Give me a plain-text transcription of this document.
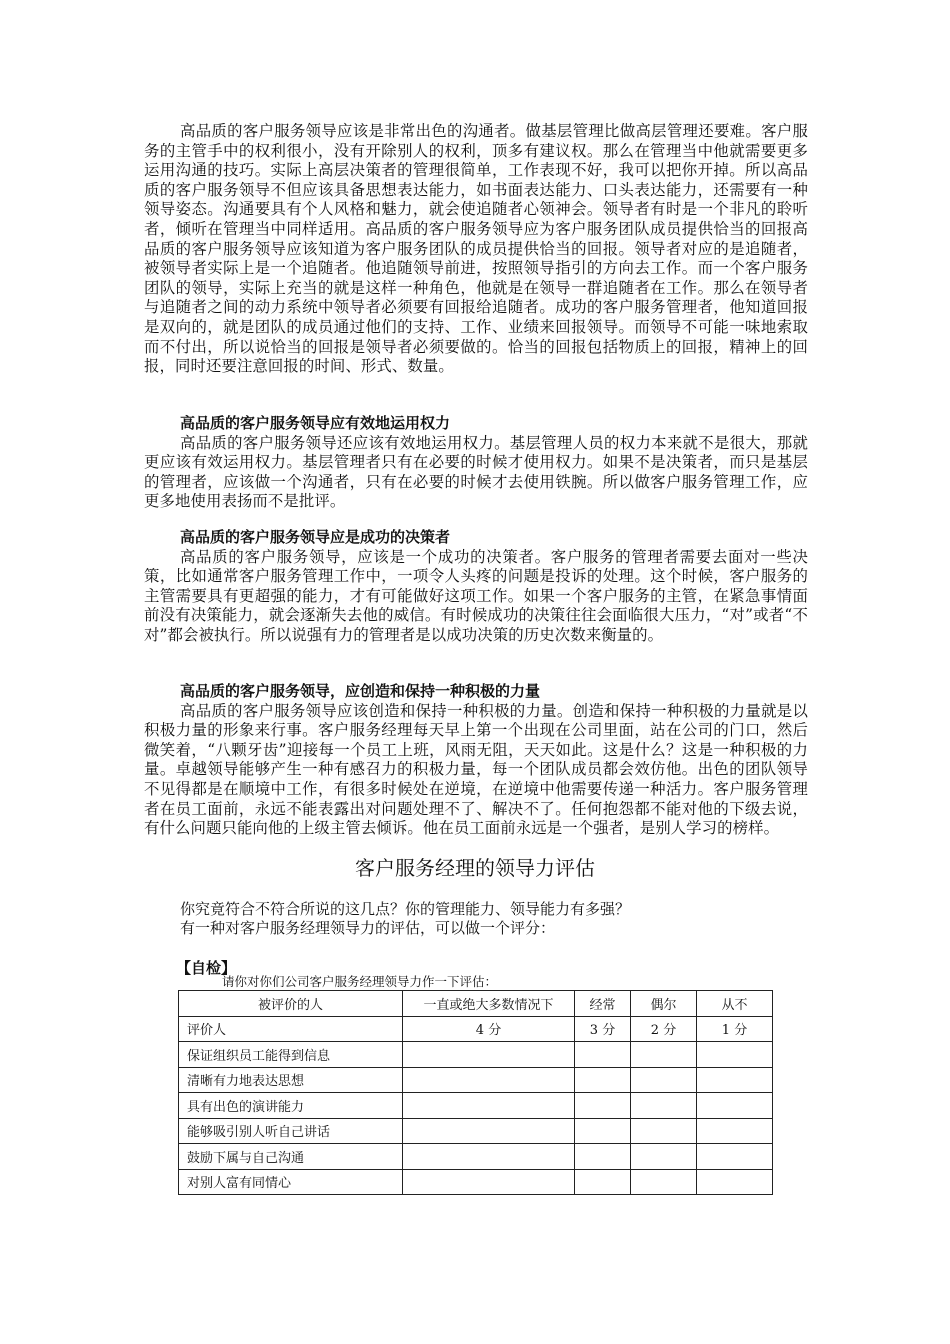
高品质的客户服务领导应该是非常出色的沟通者。做基层管理比做高层管理还要难。客户服务的主管手中的权利很小，没有开除别人的权利，顶多有建议权。那么在管理当中他就需要更多运用沟通的技巧。实际上高层决策者的管理很简单，工作表现不好，我可以把你开掉。所以高品质的客户服务领导不但应该具备思想表达能力，如书面表达能力、口头表达能力，还需要有一种领导姿态。沟通要具有个人风格和魅力，就会使追随者心领神会。领导者有时是一个非凡的聆听者，倾听在管理当中同样适用。高品质的客户服务领导应为客户服务团队成员提供恰当的回报高品质的客户服务领导应该知道为客户服务团队的成员提供恰当的回报。领导者对应的是追随者，被领导者实际上是一个追随者。他追随领导前进，按照领导指引的方向去工作。而一个客户服务团队的领导，实际上充当的就是这样一种角色，他就是在领导一群追随者在工作。那么在领导者与追随者之间的动力系统中领导者必须要有回报给追随者。成功的客户服务管理者，他知道回报是双向的，就是团队的成员通过他们的支持、工作、业绩来回报领导。而领导不可能一味地索取而不付出，所以说恰当的回报是领导者必须要做的。恰当的回报包括物质上的回报，精神上的回报，同时还要注意回报的时间、形式、数量。

高品质的客户服务领导应有效地运用权力

高品质的客户服务领导还应该有效地运用权力。基层管理人员的权力本来就不是很大，那就更应该有效运用权力。基层管理者只有在必要的时候才使用权力。如果不是决策者，而只是基层的管理者，应该做一个沟通者，只有在必要的时候才去使用铁腕。所以做客户服务管理工作，应更多地使用表扬而不是批评。

高品质的客户服务领导应是成功的决策者

高品质的客户服务领导，应该是一个成功的决策者。客户服务的管理者需要去面对一些决策，比如通常客户服务管理工作中，一项令人头疼的问题是投诉的处理。这个时候，客户服务的主管需要具有更超强的能力，才有可能做好这项工作。如果一个客户服务的主管，在紧急事情面前没有决策能力，就会逐渐失去他的威信。有时候成功的决策往往会面临很大压力，“对”或者“不对”都会被执行。所以说强有力的管理者是以成功决策的历史次数来衡量的。

高品质的客户服务领导，应创造和保持一种积极的力量

高品质的客户服务领导应该创造和保持一种积极的力量。创造和保持一种积极的力量就是以积极力量的形象来行事。客户服务经理每天早上第一个出现在公司里面，站在公司的门口，然后微笑着，“八颗牙齿”迎接每一个员工上班，风雨无阻，天天如此。这是什么？这是一种积极的力量。卓越领导能够产生一种有感召力的积极力量，每一个团队成员都会效仿他。出色的团队领导不见得都是在顺境中工作，有很多时候处在逆境，在逆境中他需要传递一种活力。客户服务管理者在员工面前，永远不能表露出对问题处理不了、解决不了。任何抱怨都不能对他的下级去说，有什么问题只能向他的上级主管去倾诉。他在员工面前永远是一个强者，是别人学习的榜样。

客户服务经理的领导力评估
你究竟符合不符合所说的这几点？你的管理能力、领导能力有多强？
有一种对客户服务经理领导力的评估，可以做一个评分：
【自检】
请你对你们公司客户服务经理领导力作一下评估：
被评价的人	一直或绝大多数情况下	经常	偶尔	从不
评价人	4 分	3 分	2 分	1 分
保证组织员工能得到信息				
清晰有力地表达思想				
具有出色的演讲能力				
能够吸引别人听自己讲话				
鼓励下属与自己沟通				
对别人富有同情心				
